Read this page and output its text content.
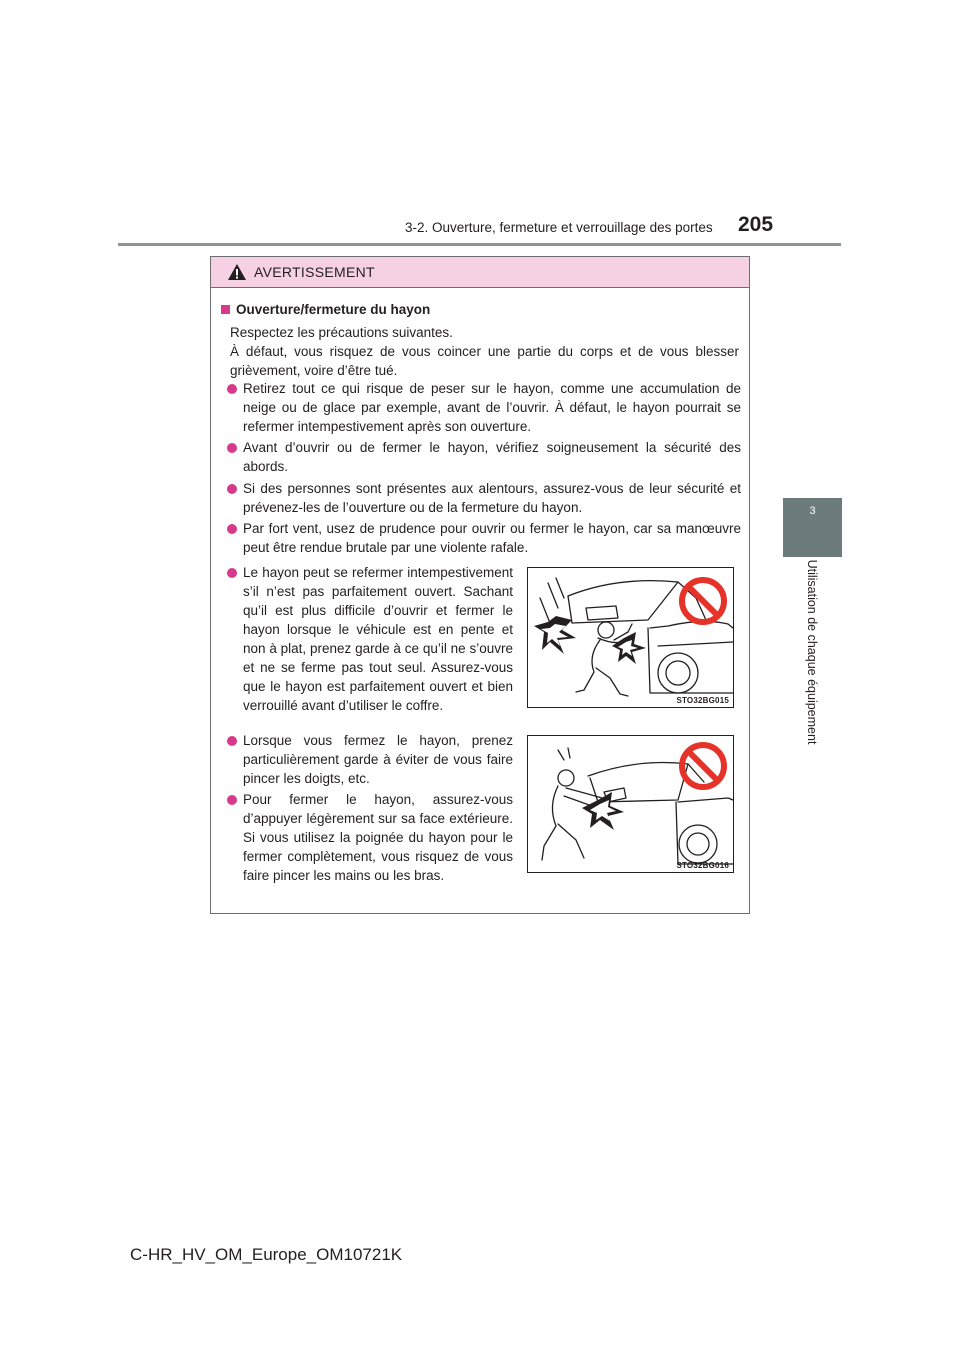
3-2. Ouverture, fermeture et verrouillage des portes 205
3
Utilisation de chaque équipement
AVERTISSEMENT
Ouverture/fermeture du hayon
Respectez les précautions suivantes.
À défaut, vous risquez de vous coincer une partie du corps et de vous blesser grièvement, voire d’être tué.
Retirez tout ce qui risque de peser sur le hayon, comme une accumulation de neige ou de glace par exemple, avant de l’ouvrir. À défaut, le hayon pourrait se refermer intempestivement après son ouverture.
Avant d’ouvrir ou de fermer le hayon, vérifiez soigneusement la sécurité des abords.
Si des personnes sont présentes aux alentours, assurez-vous de leur sécurité et prévenez-les de l’ouverture ou de la fermeture du hayon.
Par fort vent, usez de prudence pour ouvrir ou fermer le hayon, car sa manœuvre peut être rendue brutale par une violente rafale.
Le hayon peut se refermer intempestivement s’il n’est pas parfaitement ouvert. Sachant qu’il est plus difficile d’ouvrir et fermer le hayon lorsque le véhicule est en pente et non à plat, prenez garde à ce qu’il ne s’ouvre et ne se ferme pas tout seul. Assurez-vous que le hayon est parfaitement ouvert et bien verrouillé avant d’utiliser le coffre.	STO32BG015
Lorsque vous fermez le hayon, prenez particulièrement garde à éviter de vous faire pincer les doigts, etc.
Pour fermer le hayon, assurez-vous d’appuyer légèrement sur sa face extérieure. Si vous utilisez la poignée du hayon pour le fermer complètement, vous risquez de vous faire pincer les mains ou les bras.
STO32BG016
C-HR_HV_OM_Europe_OM10721K
